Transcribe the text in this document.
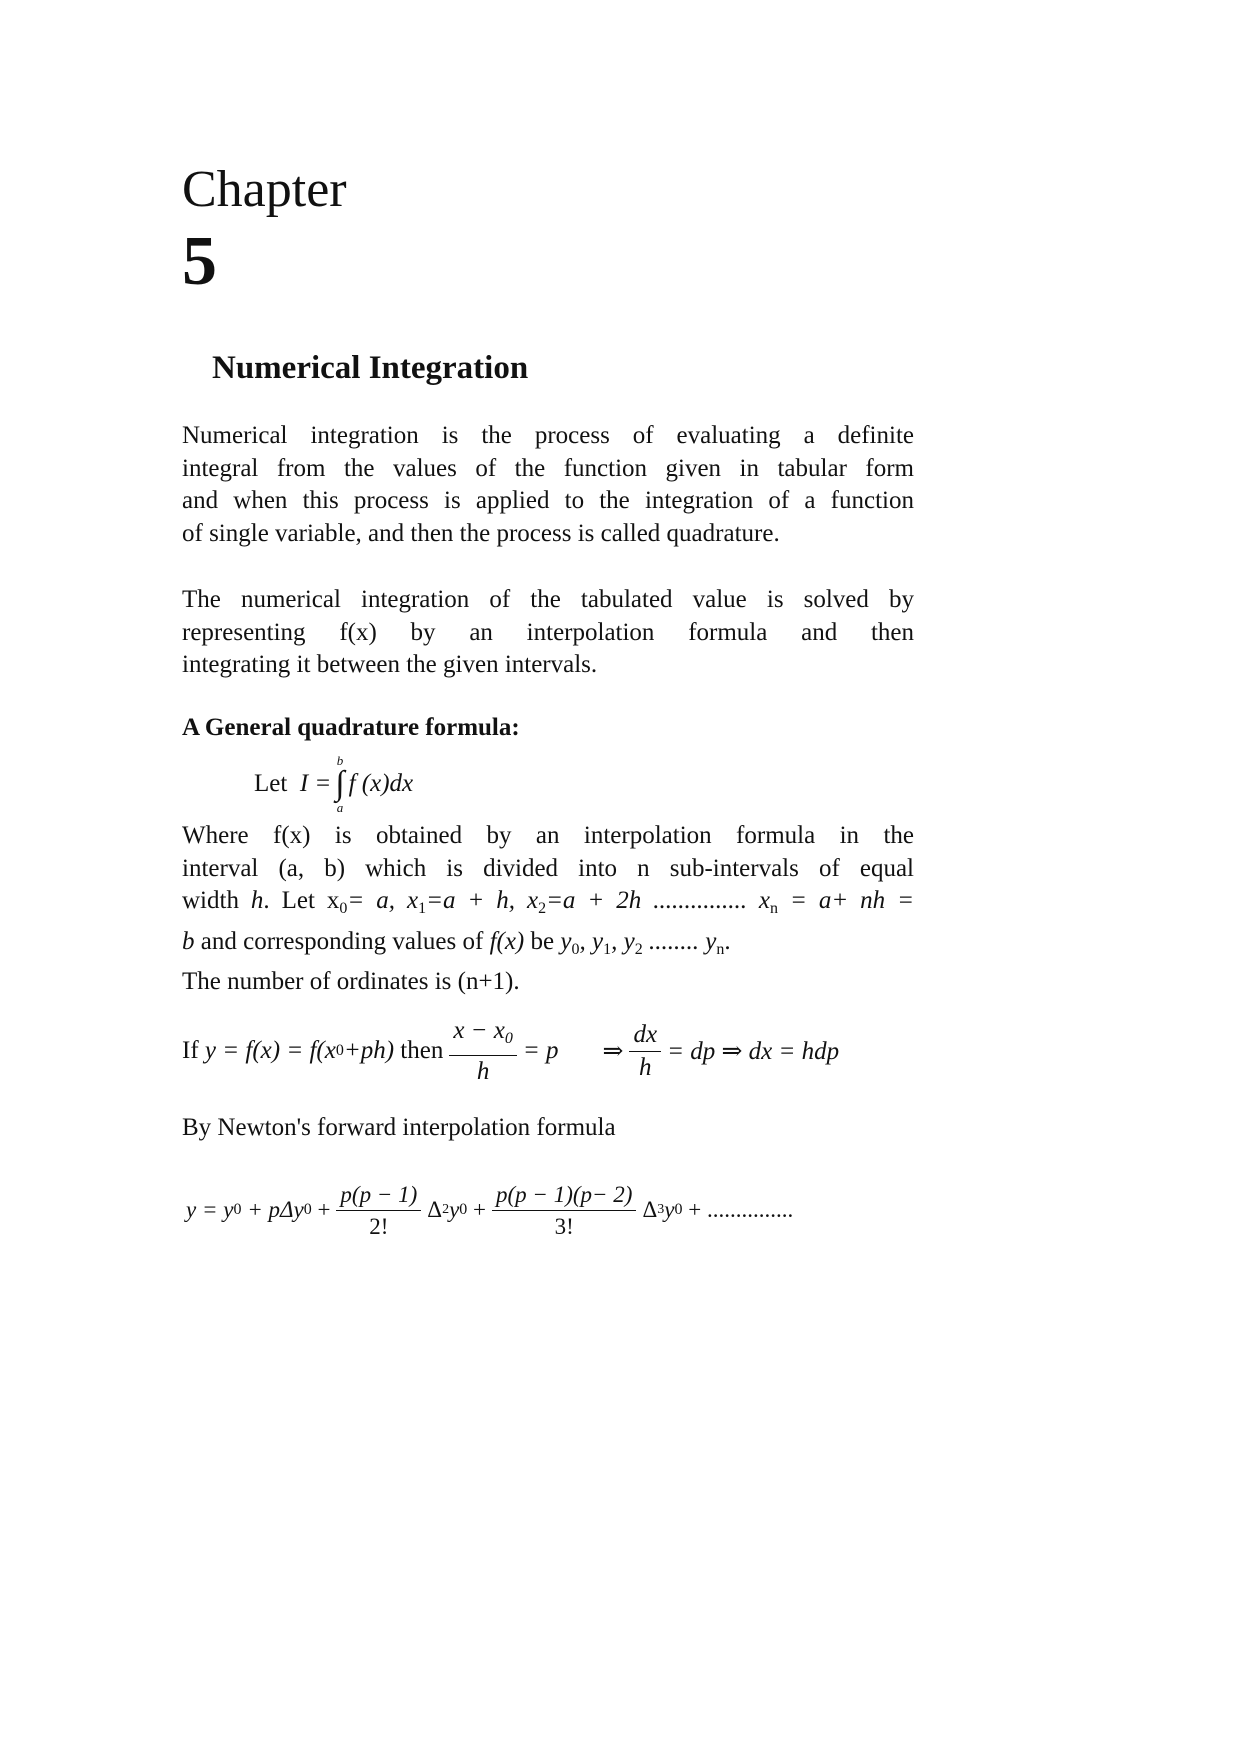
Chapter
5
Numerical Integration
Numerical integration is the process of evaluating a definite
integral from the values of the function given in tabular form
and when this process is applied to the integration of a function
of single variable, and then the process is called quadrature.
The numerical integration of the tabulated value is solved by
representing f(x) by an interpolation formula and then
integrating it between the given intervals.
A General quadrature formula:
Let
I =
b
∫
a
f (x)dx
Where f(x) is obtained by an interpolation formula in the
interval (a, b) which is divided into n sub-intervals of equal
width h. Let $x_0= a$, $x_1=a + h$, $x_2=a + 2h$ ............... $x_n = a+$ nh =
b and corresponding values of f(x) be $y_0$, $y_1$, $y_2$ ........ $y_n$.
The number of ordinates is (n+1).
If
y
= f(x) = f(x 0 +ph)
then $\frac{x - x_0}{h} = p$ ⇒ $\frac{dx}{h}$ = dp ⇒ dx = hdp

By Newton's forward interpolation formula

y
= y 0
+ pΔy 0
+ $\frac{p(p - 1)}{2!}$ Δ 2 y 0
+ $\frac{p(p - 1)(p- 2)}{3!}$ Δ 3 y 0
+ ...............
